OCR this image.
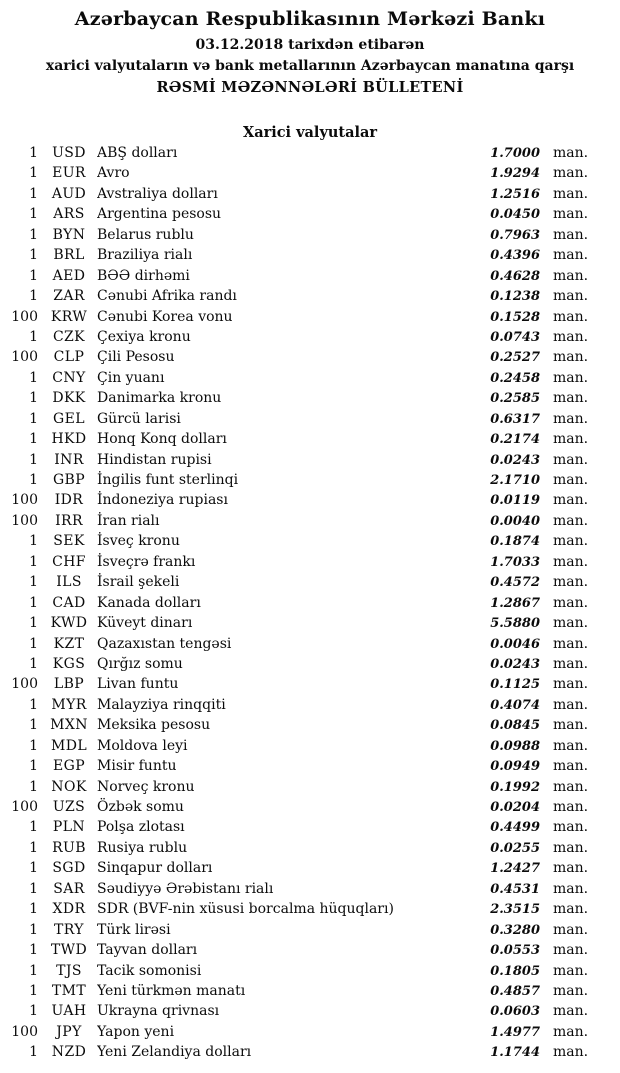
Azərbaycan Respublikasının Mərkəzi Bankı
03.12.2018 tarixdən etibarən
xarici valyutaların və bank metallarının Azərbaycan manatına qarşı
RƏSMİ MƏZƏNNƏLƏRİ BÜLLETENİ
Xarici valyutalar
1	USD ABŞ dolları	1.7000 man.
1	EUR Avro	1.9294 man.
1 AUD Avstraliya dolları	1.2516 man.
1	ARS Argentina pesosu	0.0450 man.
1	BYN Belarus rublu	0.7963 man.
1	BRL Braziliya rialı	0.4396 man.
1	AED BƏƏ dirhəmi	0.4628 man.
1	ZAR Cənubi Afrika randı	0.1238 man.
100 KRW Cənubi Korea vonu	0.1528 man.
1	CZK Çexiya kronu	0.0743 man.
100	CLP Çili Pesosu	0.2527 man.
1	CNY Çin yuanı	0.2458 man.
1	DKK Danimarka kronu	0.2585 man.
1	GEL Gürcü larisi	0.6317 man.
1 HKD Honq Konq dolları	0.2174 man.
1	INR Hindistan rupisi	0.0243 man.
1	GBP İngilis funt sterlinqi	2.1710 man.
100	IDR İndoneziya rupiası	0.0119 man.
100	IRR	İran rialı	0.0040 man.
1	SEK İsveç kronu	0.1874 man.
1	CHF İsveçrə frankı	1.7033 man.
1	ILS	İsrail şekeli	0.4572 man.
1	CAD Kanada dolları	1.2867 man.
1 KWD Küveyt dinarı	5.5880 man.
1	KZT Qazaxıstan tengəsi	0.0046 man.
1	KGS Qırğız somu	0.0243 man.
100	LBP Livan funtu	0.1125 man.
1 MYR Malayziya rinqqiti	0.4074 man.
1 MXN Meksika pesosu	0.0845 man.
1 MDL Moldova leyi	0.0988 man.
1	EGP Misir funtu	0.0949 man.
1 NOK Norveç kronu	0.1992 man.
100	UZS Özbək somu	0.0204 man.
1	PLN Polşa zlotası	0.4499 man.
1	RUB Rusiya rublu	0.0255 man.
1	SGD Sinqapur dolları	1.2427 man.
1	SAR Səudiyyə Ərəbistanı rialı	0.4531 man.
1	XDR SDR (BVF-nin xüsusi borcalma hüquqları)	2.3515 man.
1	TRY Türk lirəsi	0.3280 man.
1 TWD Tayvan dolları	0.0553 man.
1	TJS	Tacik somonisi	0.1805 man.
1 TMT Yeni türkmən manatı	0.4857 man.
1 UAH Ukrayna qrivnası	0.0603 man.
100	JPY	Yapon yeni	1.4977 man.
1 NZD Yeni Zelandiya dolları	1.1744 man.
